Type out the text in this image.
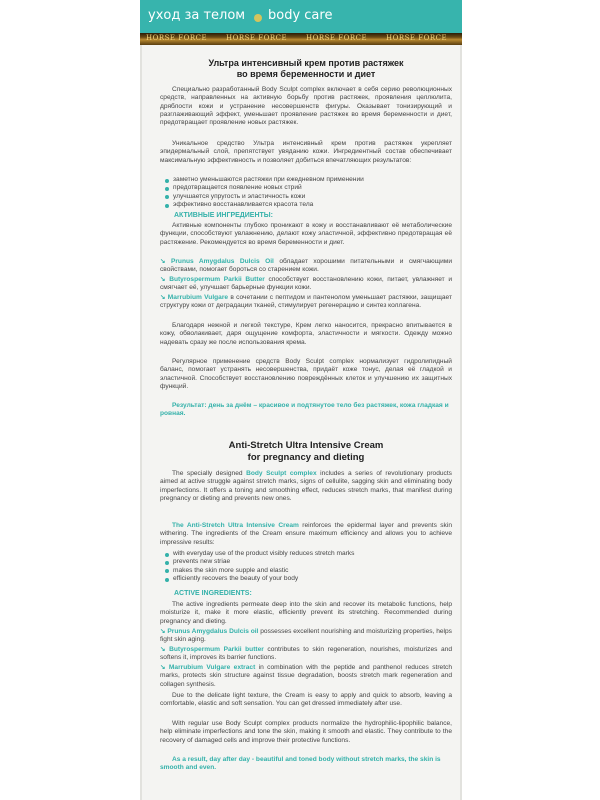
уход за телом body care
HORSE FORCE	HORSE FORCE	HORSE FORCE	HORSE FORCE
Ультра интенсивный крем против растяжек
во время беременности и диет
Специально разработанный Body Sculpt complex включает в себя серию революционных средств, направленных на активную борьбу против растяжек, проявления целлюлита, дряблости кожи и устранение несовершенств фигуры. Оказывает тонизирующий и разглаживающий эффект, уменьшает проявление растяжек во время беременности и диет, предотвращает проявление новых растяжек.
Уникальное средство Ультра интенсивный крем против растяжек укрепляет эпидермальный слой, препятствует увяданию кожи. Ингредиентный состав обеспечивает максимальную эффективность и позволяет добиться впечатляющих результатов:
заметно уменьшаются растяжки при ежедневном применении
предотвращается появление новых стрий
улучшается упругость и эластичность кожи
эффективно восстанавливается красота тела
АКТИВНЫЕ ИНГРЕДИЕНТЫ:
Активные компоненты глубоко проникают в кожу и восстанавливают её метаболические функции, способствуют увлажнению, делают кожу эластичной, эффективно предотвращая её растяжение. Рекомендуется во время беременности и диет.
↘ Prunus Amygdalus Dulcis Oil обладает хорошими питательными и смягчающими свойствами, помогает бороться со старением кожи.
↘ Butyrospermum Parkii Butter способствует восстановлению кожи, питает, увлажняет и смягчает её, улучшает барьерные функции кожи.
↘ Marrubium Vulgare в сочетании с пептидом и пантенолом уменьшает растяжки, защищает структуру кожи от деградации тканей, стимулирует регенерацию и синтез коллагена.
Благодаря нежной и легкой текстуре, Крем легко наносится, прекрасно впитывается в кожу, обволакивает, даря ощущение комфорта, эластичности и мягкости. Одежду можно надевать сразу же после использования крема.
Регулярное применение средств Body Sculpt complex нормализует гидролипидный баланс, помогает устранять несовершенства, придаёт коже тонус, делая её гладкой и эластичной. Способствует восстановлению повреждённых клеток и улучшению их защитных функций.
Результат: день за днём – красивое и подтянутое тело без растяжек, кожа гладкая и ровная.
Anti-Stretch Ultra Intensive Cream
for pregnancy and dieting
The specially designed Body Sculpt complex includes a series of revolutionary products aimed at active struggle against stretch marks, signs of cellulite, sagging skin and eliminating body imperfections. It offers a toning and smoothing effect, reduces stretch marks, that manifest during pregnancy or dieting and prevents new ones.
The Anti-Stretch Ultra Intensive Cream reinforces the epidermal layer and prevents skin withering. The ingredients of the Cream ensure maximum efficiency and allows you to achieve impressive results:
with everyday use of the product visibly reduces stretch marks
prevents new striae
makes the skin more supple and elastic
efficiently recovers the beauty of your body
ACTIVE INGREDIENTS:
The active ingredients permeate deep into the skin and recover its metabolic functions, help moisturize it, make it more elastic, efficiently prevent its stretching. Recommended during pregnancy and dieting.
↘ Prunus Amygdalus Dulcis oil possesses excellent nourishing and moisturizing properties, helps fight skin aging.
↘ Butyrospermum Parkii butter contributes to skin regeneration, nourishes, moisturizes and softens it, improves its barrier functions.
↘ Marrubium Vulgare extract in combination with the peptide and panthenol reduces stretch marks, protects skin structure against tissue degradation, boosts stretch mark regeneration and collagen synthesis.
Due to the delicate light texture, the Cream is easy to apply and quick to absorb, leaving a comfortable, elastic and soft sensation. You can get dressed immediately after use.
With regular use Body Sculpt complex products normalize the hydrophilic-lipophilic balance, help eliminate imperfections and tone the skin, making it smooth and elastic. They contribute to the recovery of damaged cells and improve their protective functions.
As a result, day after day - beautiful and toned body without stretch marks, the skin is smooth and even.
